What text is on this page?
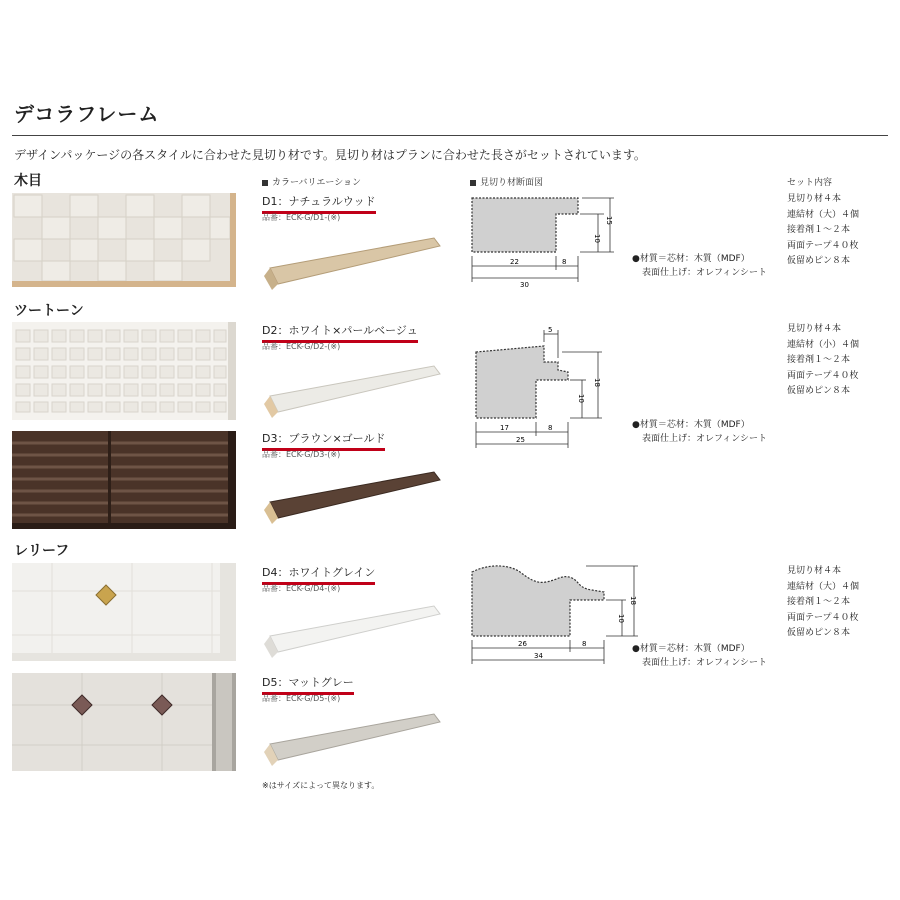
デコラフレーム
デザインパッケージの各スタイルに合わせた見切り材です。見切り材はプランに合わせた長さがセットされています。
木目
ツートーン
レリーフ
カラーバリエーション	見切り材断面図	セット内容
D1：ナチュラルウッド
品番：ECK-G/D1-(※)
D2：ホワイト×パールベージュ
品番：ECK-G/D2-(※)
D3：ブラウン×ゴールド
品番：ECK-G/D3-(※)
D4：ホワイトグレイン
品番：ECK-G/D4-(※)
D5：マットグレー
品番：ECK-G/D5-(※)
22	8
30
10
15
5
17	8
25
10
18
26	8
34
10
18
●材質＝芯材：木質（MDF）
表面仕上げ：オレフィンシート
●材質＝芯材：木質（MDF）
表面仕上げ：オレフィンシート
●材質＝芯材：木質（MDF）
表面仕上げ：オレフィンシート
見切り材４本
連結材（大）４個
接着剤１～２本
両面テープ４０枚
仮留めピン８本
見切り材４本
連結材（小）４個
接着剤１～２本
両面テープ４０枚
仮留めピン８本
見切り材４本
連結材（大）４個
接着剤１～２本
両面テープ４０枚
仮留めピン８本
※はサイズによって異なります。
